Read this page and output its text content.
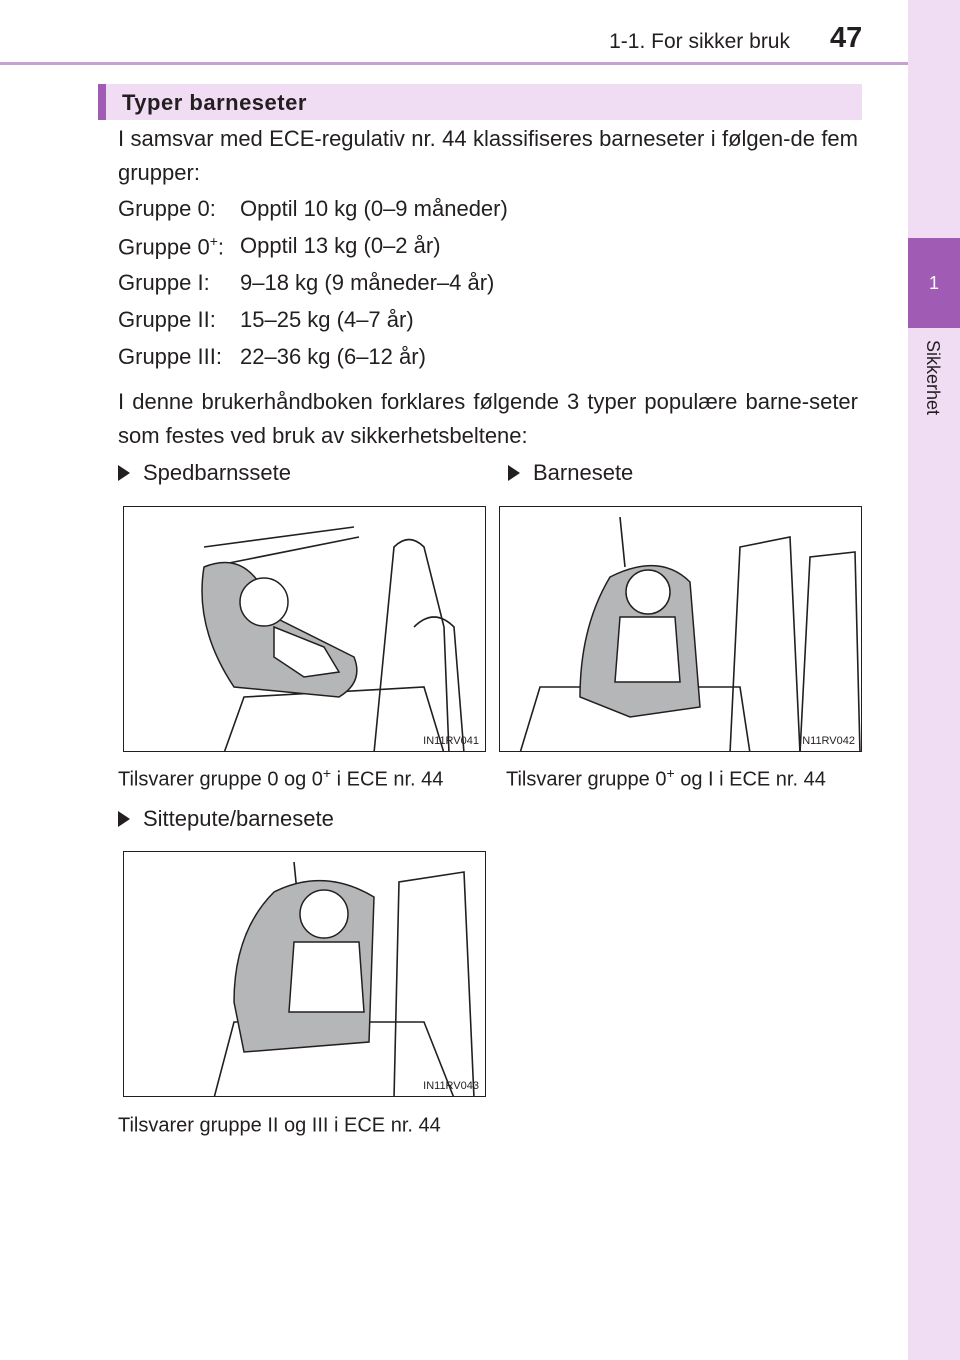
1-1. For sikker bruk 47
1
Sikkerhet
Typer barneseter
I samsvar med ECE-regulativ nr. 44 klassifiseres barneseter i følgen-de fem grupper:
Gruppe 0: Opptil 10 kg (0–9 måneder)
Gruppe 0+: Opptil 13 kg (0–2 år)
Gruppe I: 9–18 kg (9 måneder–4 år)
Gruppe II: 15–25 kg (4–7 år)
Gruppe III: 22–36 kg (6–12 år)
I denne brukerhåndboken forklares følgende 3 typer populære barne-seter som festes ved bruk av sikkerhetsbeltene:
Spedbarnssete
IN11RV041
Tilsvarer gruppe 0 og 0+ i ECE nr. 44
Barnesete
IN11RV042
Tilsvarer gruppe 0+ og I i ECE nr. 44
Sittepute/barnesete
IN11RV043
Tilsvarer gruppe II og III i ECE nr. 44
